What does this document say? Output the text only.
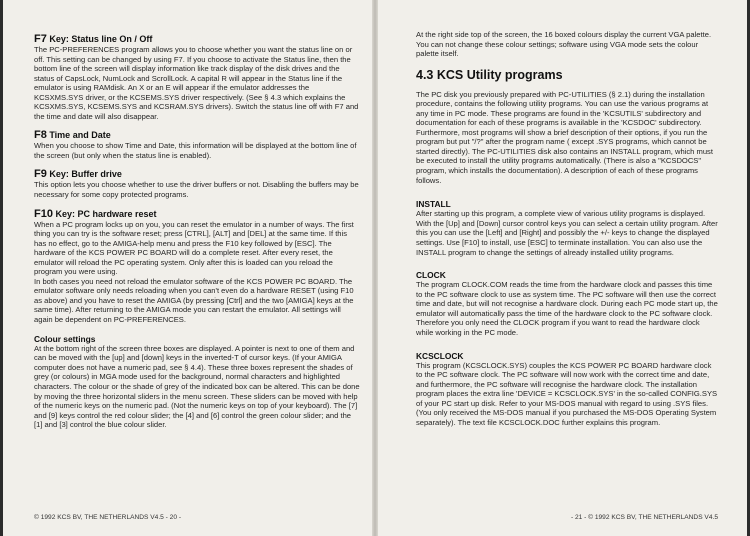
F7 Key: Status line On / Off

The PC-PREFERENCES program allows you to choose whether you want the status line on or off. This setting can be changed by using F7. If you choose to activate the Status line, then the bottom line of the screen will display information like track display of the disk drives and the status of CapsLock, NumLock and ScrollLock. A capital R will appear in the Status line if the emulator is using RAMdisk. An X or an E will appear if the emulator addresses the KCSXMS.SYS driver, or the KCSEMS.SYS driver respectively. (See § 4.3 which explains the KCSXMS.SYS, KCSEMS.SYS and KCSRAM.SYS drivers). Switch the status line off with F7 and the time and date will also disappear.

F8 Time and Date

When you choose to show Time and Date, this information will be displayed at the bottom line of the screen (but only when the status line is enabled).

F9 Key: Buffer drive

This option lets you choose whether to use the driver buffers or not. Disabling the buffers may be necessary for some copy protected programs.

F10 Key: PC hardware reset

When a PC program locks up on you, you can reset the emulator in a number of ways. The first thing you can try is the software reset; press [CTRL], [ALT] and [DEL] at the same time. If this has no effect, go to the AMIGA-help menu and press the F10 key followed by [ESC]. The hardware of the KCS POWER PC BOARD will do a complete reset. After every reset, the emulator will reload the PC operating system. Only after this is loaded can you reload the program you were using.

In both cases you need not reload the emulator software of the KCS POWER PC BOARD. The emulator software only needs reloading when you can't even do a hardware RESET (using F10 as above) and you have to reset the AMIGA (by pressing [Ctrl] and the two [AMIGA] keys at the same time). After returning to the AMIGA mode you can restart the emulator. All settings will again be dependent on PC-PREFERENCES.

Colour settings

At the bottom right of the screen three boxes are displayed. A pointer is next to one of them and can be moved with the [up] and [down] keys in the inverted-T of cursor keys. (If your AMIGA computer does not have a numeric pad, see § 4.4). These three boxes represent the shades of grey (or colours) in MGA mode used for the background, normal characters and highlighted characters. The colour or the shade of grey of the indicated box can be altered. This can be done by moving the three horizontal sliders in the menu screen. These sliders can be moved with help of the numeric keys on the numeric pad. (Not the numeric keys on top of your keyboard). The [7] and [9] keys control the red colour slider; the [4] and [6] control the green colour slider; and the [1] and [3] control the blue colour slider.

© 1992 KCS BV, THE NETHERLANDS V4.5 - 20 -

At the right side top of the screen, the 16 boxed colours display the current VGA palette. You can not change these colour settings; software using VGA mode sets the colour palette itself.

4.3 KCS Utility programs

The PC disk you previously prepared with PC-UTILITIES (§ 2.1) during the installation procedure, contains the following utility programs. You can use the various programs at any time in PC mode. These programs are found in the 'KCSUTILS' subdirectory and documentation for each of these programs is available in the 'KCSDOC' subdirectory. Furthermore, most programs will show a brief description of their options, if you run the program but put "/?" after the program name ( except .SYS programs, which cannot be started directly). The PC-UTILITIES disk also contains an INSTALL program, which must be executed to install the utility programs automatically. (There is also a "KCSDOCS" program, which installs the documentation). A description of each of these programs follows.

INSTALL

After starting up this program, a complete view of various utility programs is displayed. With the [Up] and [Down] cursor control keys you can select a certain utility program. After this you can use the [Left] and [Right] and possibly the +/- keys to change the displayed settings. Use [F10] to install, use [ESC] to terminate installation. You can also use the INSTALL program to change the settings of already installed utility programs.

CLOCK

The program CLOCK.COM reads the time from the hardware clock and passes this time to the PC software clock to use as system time. The PC software will then use the correct time and date, but will not recognise a hardware clock. During each PC mode start up, the emulator will automatically pass the time of the hardware clock to the PC software clock. Therefore you only need the CLOCK program if you want to read the hardware clock while working in the PC mode.

KCSCLOCK

This program (KCSCLOCK.SYS) couples the KCS POWER PC BOARD hardware clock to the PC software clock. The PC software will now work with the correct time and date, and furthermore, the PC software will recognise the hardware clock. The installation program places the extra line 'DEVICE = KCSCLOCK.SYS' in the so-called CONFIG.SYS of your PC start up disk. Refer to your MS-DOS manual with regard to using .SYS files. (You only received the MS-DOS manual if you purchased the MS-DOS Operating System separately). The text file KCSCLOCK.DOC further explains this program.

- 21 - © 1992 KCS BV, THE NETHERLANDS V4.5
